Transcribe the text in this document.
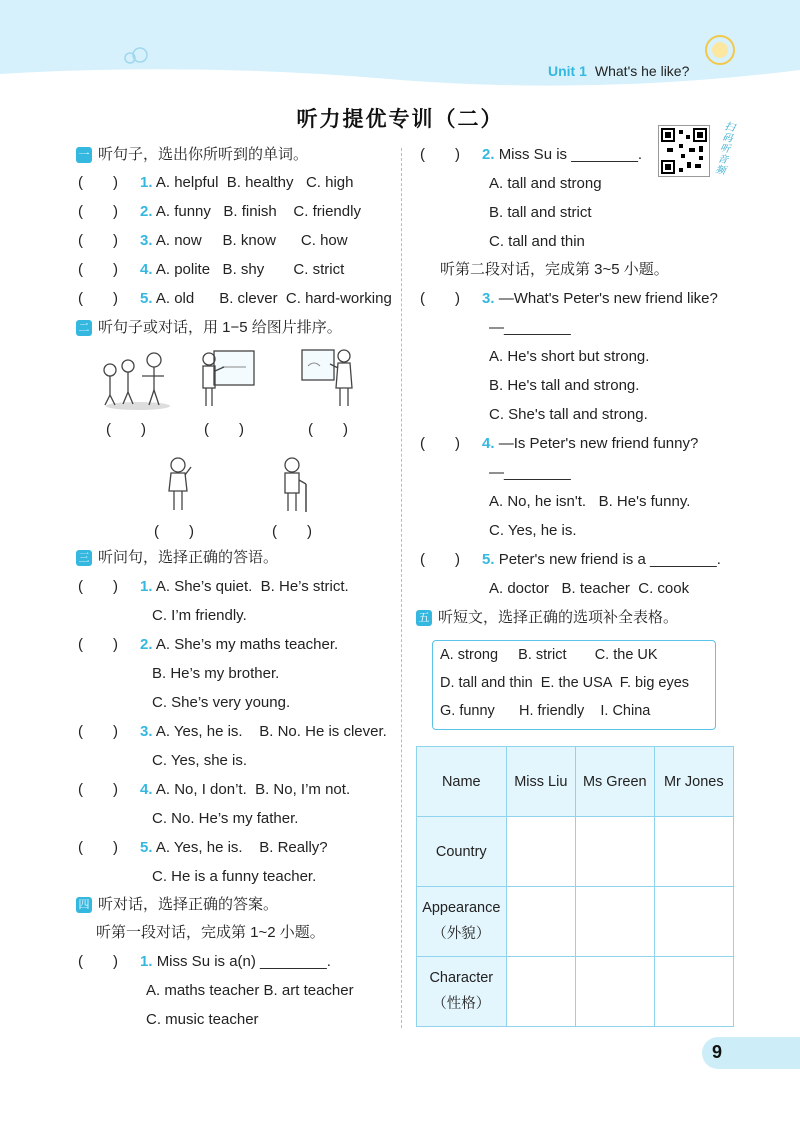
Unit 1 What's he like?
听力提优专训（二）	扫码听音频
一 听句子，选出你所听到的单词。
(　　) 1. A. helpful  B. healthy   C. high
(　　) 2. A. funny   B. finish    C. friendly
(　　) 3. A. now     B. know      C. how
(　　) 4. A. polite   B. shy       C. strict
(　　) 5. A. old      B. clever  C. hard-working
二 听句子或对话，用 1−5 给图片排序。
(　　)	(　　)	(　　)
(　　)	(　　)
三 听问句，选择正确的答语。
(　　) 1. A. She’s quiet.  B. He’s strict.
C. I’m friendly.
(　　) 2. A. She’s my maths teacher.
B. He’s my brother.
C. She’s very young.
(　　) 3. A. Yes, he is.    B. No. He is clever.
C. Yes, she is.
(　　) 4. A. No, I don’t.  B. No, I’m not.
C. No. He’s my father.
(　　) 5. A. Yes, he is.    B. Really?
C. He is a funny teacher.
四 听对话，选择正确的答案。
听第一段对话，完成第 1~2 小题。
(　　) 1. Miss Su is a(n) ________.
A. maths teacher B. art teacher
C. music teacher
(　　) 2. Miss Su is ________.
A. tall and strong
B. tall and strict
C. tall and thin
听第二段对话，完成第 3~5 小题。
(　　) 3. —What's Peter's new friend like?
—________
A. He's short but strong.
B. He's tall and strong.
C. She's tall and strong.
(　　) 4. —Is Peter's new friend funny?
—________
A. No, he isn't.   B. He's funny.
C. Yes, he is.
(　　) 5. Peter's new friend is a ________.
A. doctor   B. teacher  C. cook
五 听短文，选择正确的选项补全表格。
A. strong     B. strict       C. the UK
D. tall and thin  E. the USA  F. big eyes
G. funny      H. friendly    I. China
Name	Miss Liu	Ms Green	Mr Jones

Country			

Appearance
（外貌）			

Character
（性格）			

9
